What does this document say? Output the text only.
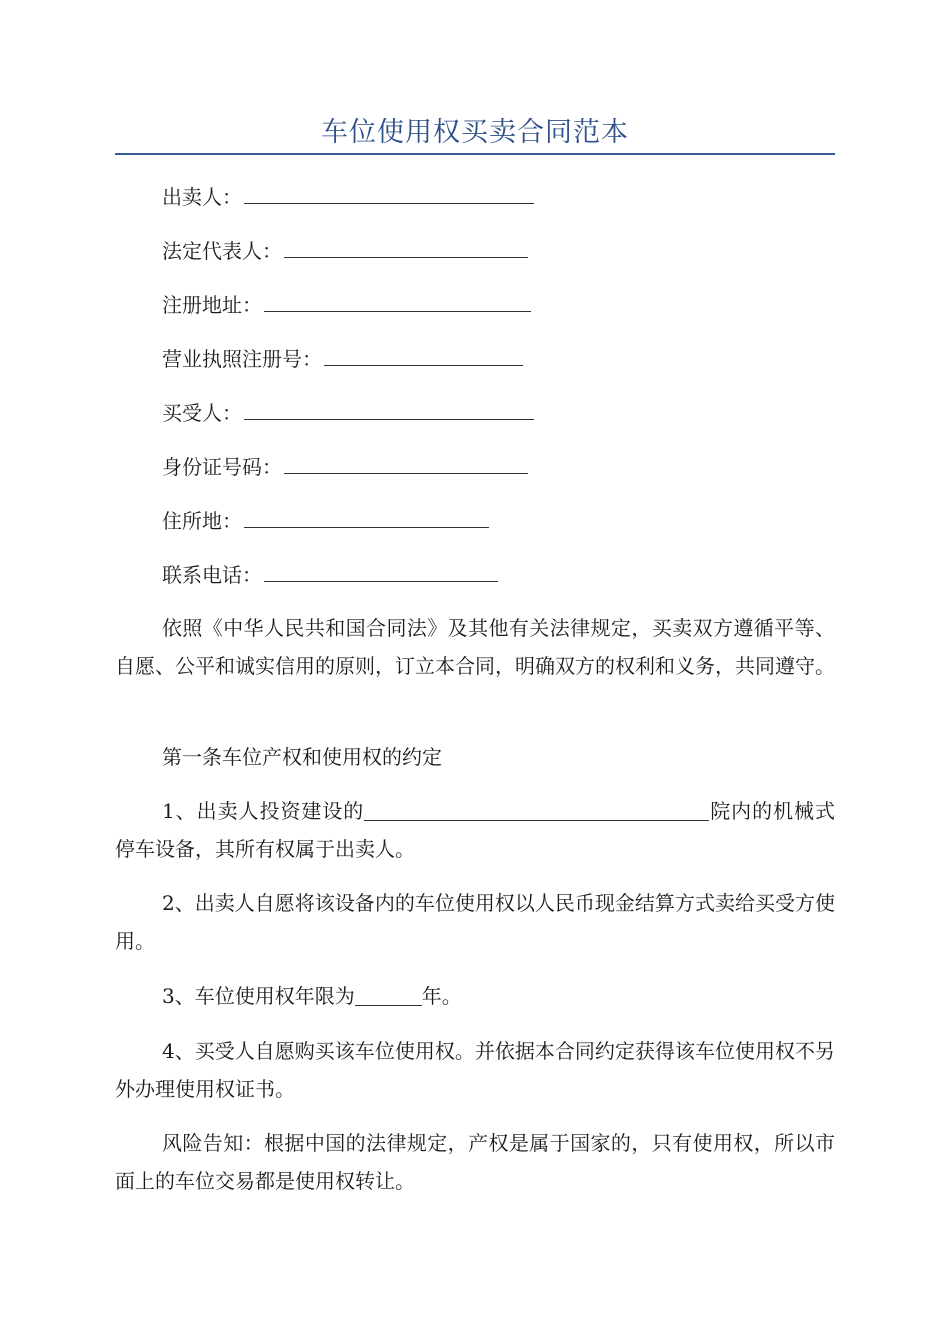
车位使用权买卖合同范本
出卖人：
法定代表人：
注册地址：
营业执照注册号：
买受人：
身份证号码：
住所地：
联系电话：
依照《中华人民共和国合同法》及其他有关法律规定，买卖双方遵循平等、自愿、公平和诚实信用的原则，订立本合同，明确双方的权利和义务，共同遵守。
第一条车位产权和使用权的约定
1、出卖人投资建设的	院内的机械式停车设备，其所有权属于出卖人。
2、出卖人自愿将该设备内的车位使用权以人民币现金结算方式卖给买受方使用。
3、车位使用权年限为	年。
4、买受人自愿购买该车位使用权。并依据本合同约定获得该车位使用权不另外办理使用权证书。
风险告知：根据中国的法律规定，产权是属于国家的，只有使用权，所以市面上的车位交易都是使用权转让。
